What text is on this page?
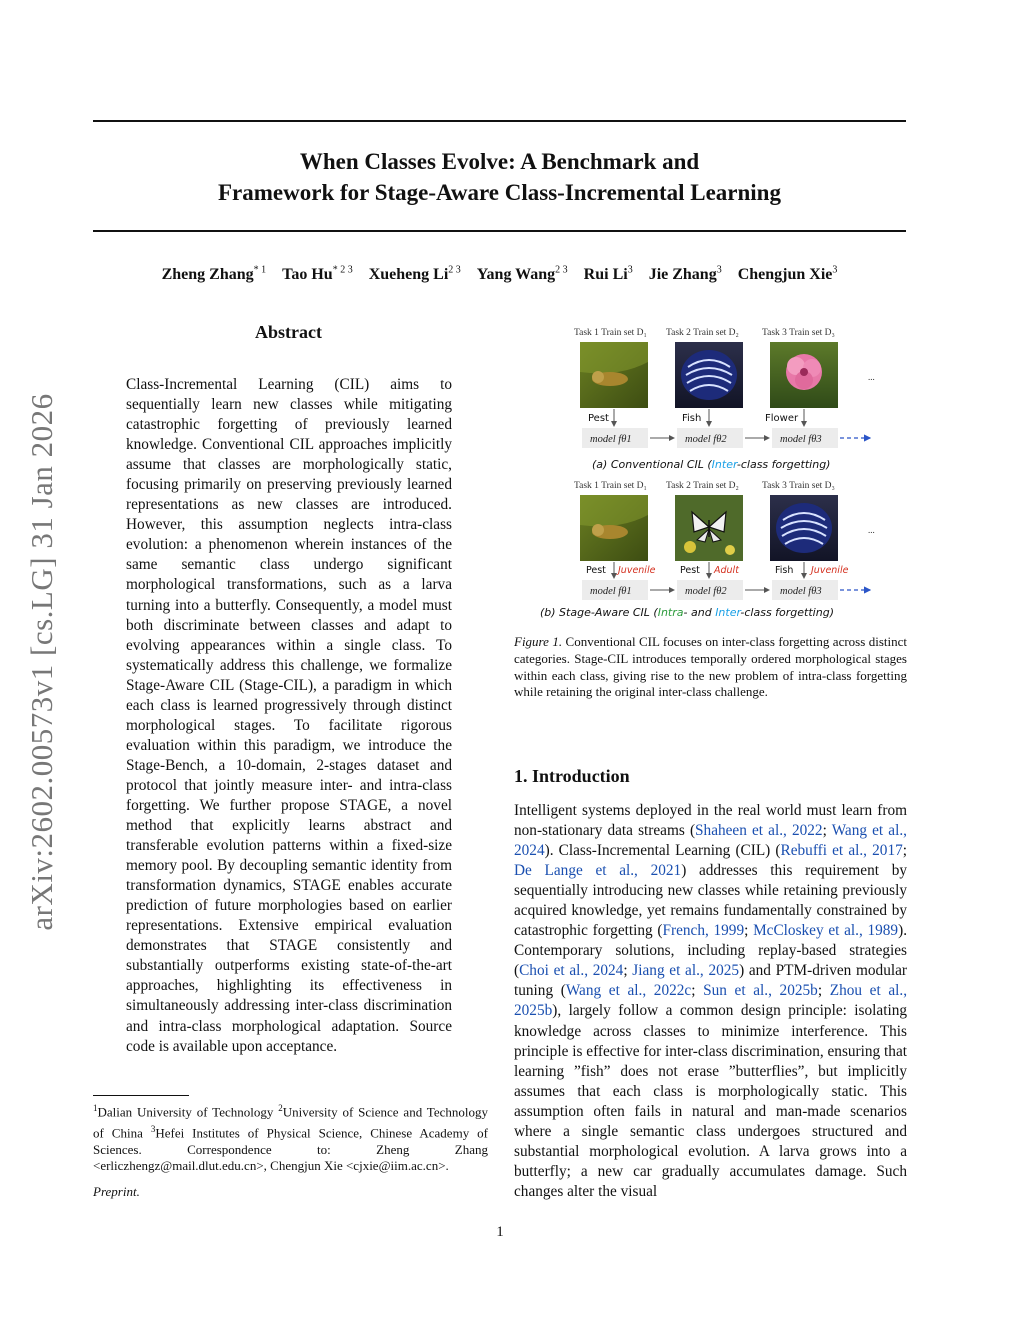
When Classes Evolve: A Benchmark and
Framework for Stage-Aware Class-Incremental Learning
Zheng Zhang$^{* 1}$ Tao $Hu^{* 2 3}$ Xueheng $Li^{2 3}$ Yang Wang$^{2 3}$ Rui Li$^3$ Jie Zhang$^3$ Chengjun Xie$^3$
arXiv:2602.00573v1 [cs.LG] 31 Jan 2026
Abstract
Class-Incremental Learning (CIL) aims to sequentially learn new classes while mitigating catastrophic forgetting of previously learned knowledge. Conventional CIL approaches implicitly assume that classes are morphologically static, focusing primarily on preserving previously learned representations as new classes are introduced. However, this assumption neglects intra-class evolution: a phenomenon wherein instances of the same semantic class undergo significant morphological transformations, such as a larva turning into a butterfly. Consequently, a model must both discriminate between classes and adapt to evolving appearances within a single class. To systematically address this challenge, we formalize Stage-Aware CIL (Stage-CIL), a paradigm in which each class is learned progressively through distinct morphological stages. To facilitate rigorous evaluation within this paradigm, we introduce the Stage-Bench, a 10-domain, 2-stages dataset and protocol that jointly measure inter- and intra-class forgetting. We further propose STAGE, a novel method that explicitly learns abstract and transferable evolution patterns within a fixed-size memory pool. By decoupling semantic identity from transformation dynamics, STAGE enables accurate prediction of future morphologies based on earlier representations. Extensive empirical evaluation demonstrates that STAGE consistently and substantially outperforms existing state-of-the-art approaches, highlighting its effectiveness in simultaneously addressing inter-class discrimination and intra-class morphological adaptation. Source code is available upon acceptance.
$^1$Dalian University of Technology $^2$University of Science and Technology of China $^3$Hefei Institutes of Physical Science, Chinese Academy of Sciences. Correspondence to: Zheng Zhang <erliczhengz@mail.dlut.edu.cn>, Chengjun Xie <cjxie@iim.ac.cn>.
Preprint.
Task 1 Train set D₁ Task 2 Train set D₂ Task 3 Train set D₃
...
Pest	Fish	Flower
model fθ1	model fθ2	model fθ3
(a) Conventional CIL (Inter-class forgetting)
Task 1 Train set D₁ Task 2 Train set D₂ Task 3 Train set D₃
...
Pest Juvenile	Pest Adult	Fish Juvenile
model fθ1	model fθ2	model fθ3
(b) Stage-Aware CIL (Intra- and Inter-class forgetting)
Figure 1. Conventional CIL focuses on inter-class forgetting across distinct categories. Stage-CIL introduces temporally ordered morphological stages within each class, giving rise to the new problem of intra-class forgetting while retaining the original inter-class challenge.
1. Introduction
Intelligent systems deployed in the real world must learn from non-stationary data streams (Shaheen et al., 2022; Wang et al., 2024). Class-Incremental Learning (CIL) (Rebuffi et al., 2017; De Lange et al., 2021) addresses this requirement by sequentially introducing new classes while retaining previously acquired knowledge, yet remains fundamentally constrained by catastrophic forgetting (French, 1999; McCloskey et al., 1989). Contemporary solutions, including replay-based strategies (Choi et al., 2024; Jiang et al., 2025) and PTM-driven modular tuning (Wang et al., 2022c; Sun et al., 2025b; Zhou et al., 2025b), largely follow a common design principle: isolating knowledge across classes to minimize interference. This principle is effective for inter-class discrimination, ensuring that learning ”fish” does not erase ”butterflies”, but implicitly assumes that each class is morphologically static. This assumption often fails in natural and man-made scenarios where a single semantic class undergoes structured and substantial morphological evolution. A larva grows into a butterfly; a new car gradually accumulates damage. Such changes alter the visual
1
